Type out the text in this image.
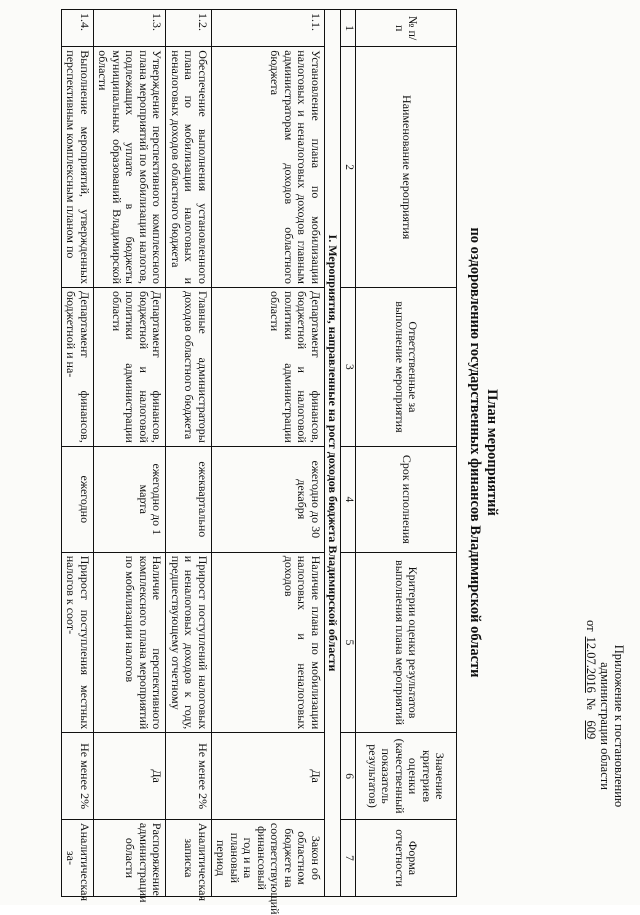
Приложение к постановлению
администрации области
от 12.07.2016 № 609
План мероприятий
по оздоровлению государственных финансов Владимирской области
№ п/п	Наименование мероприятия	Ответственные за выполнение мероприятия	Срок исполнения	Критерии оценки результатов выполнения плана мероприятий	Значение критериев оценки (качественный показатель результатов)	Форма отчетности
1	2	3	4	5	6	7
I. Мероприятия, направленные на рост доходов бюджета Владимирской области						
1.1.	Установление плана по мобилизации налоговых и неналоговых доходов главным администраторам доходов областного бюджета	Департамент финансов, бюджетной и налоговой политики администрации области	ежегодно до 30 декабря	Наличие плана по мобилизации налоговых и неналоговых доходов	Да	Закон об областном бюджете на соответствующий финансовый год и на плановый период
1.2.	Обеспечение выполнения установленного плана по мобилизации налоговых и неналоговых доходов областного бюджета	Главные администраторы доходов областного бюджета	ежеквартально	Прирост поступлений налоговых и неналоговых доходов к году, предшествующему отчетному	Не менее 2%	Аналитическая записка
1.3.	Утверждение перспективного комплексного плана мероприятий по мобилизации налогов, подлежащих уплате в бюджеты муниципальных образований Владимирской области	Департамент финансов, бюджетной и налоговой политики администрации области	ежегодно до 1 марта	Наличие перспективного комплексного плана мероприятий по мобилизации налогов	Да	Распоряжение администрации области
1.4.	Выполнение мероприятий, утвержденных перспективным комплексным планом по	Департамент финансов, бюджетной и на-	ежегодно	Прирост поступления местных налогов к соот-	Не менее 2%	Аналитическая за-
